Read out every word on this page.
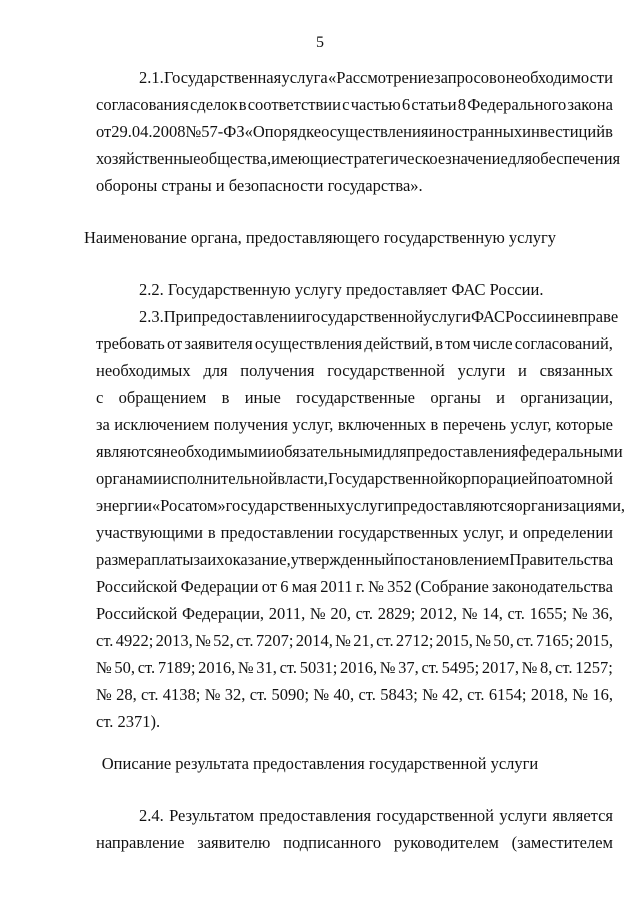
5
2.1. Государственная услуга «Рассмотрение запросов о необходимости
согласования сделок в соответствии с частью 6 статьи 8 Федерального закона
от 29.04.2008 № 57-ФЗ «О порядке осуществления иностранных инвестиций в
хозяйственные общества, имеющие стратегическое значение для обеспечения
обороны страны и безопасности государства».
Наименование органа, предоставляющего государственную услугу
2.2. Государственную услугу предоставляет ФАС России.
2.3. При предоставлении государственной услуги ФАС России не вправе
требовать от заявителя осуществления действий, в том числе согласований,
необходимых для получения государственной услуги и связанных
с обращением в иные государственные органы и организации,
за исключением получения услуг, включенных в перечень услуг, которые
являются необходимыми и обязательными для предоставления федеральными
органами исполнительной власти, Государственной корпорацией по атомной
энергии «Росатом» государственных услуг и предоставляются организациями,
участвующими в предоставлении государственных услуг, и определении
размера платы за их оказание, утвержденный постановлением Правительства
Российской Федерации от 6 мая 2011 г. № 352 (Собрание законодательства
Российской Федерации, 2011, № 20, ст. 2829; 2012, № 14, ст. 1655; № 36,
ст. 4922; 2013, № 52, ст. 7207; 2014, № 21, ст. 2712; 2015, № 50, ст. 7165; 2015,
№ 50, ст. 7189; 2016, № 31, ст. 5031; 2016, № 37, ст. 5495; 2017, № 8, ст. 1257;
№ 28, ст. 4138; № 32, ст. 5090; № 40, ст. 5843; № 42, ст. 6154; 2018, № 16,
ст. 2371).
Описание результата предоставления государственной услуги
2.4. Результатом предоставления государственной услуги является
направление заявителю подписанного руководителем (заместителем
